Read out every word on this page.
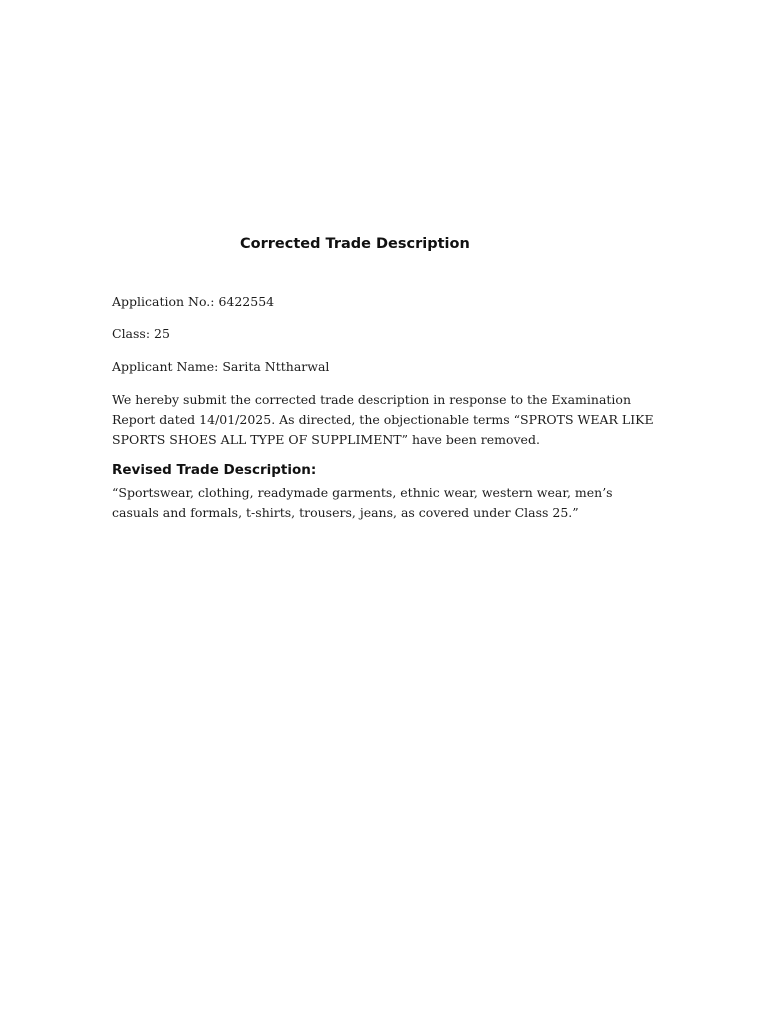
Corrected Trade Description
Application No.: 6422554
Class: 25
Applicant Name: Sarita Nttharwal
We hereby submit the corrected trade description in response to the Examination Report dated 14/01/2025. As directed, the objectionable terms “SPROTS WEAR LIKE SPORTS SHOES ALL TYPE OF SUPPLIMENT” have been removed.
Revised Trade Description:
“Sportswear, clothing, readymade garments, ethnic wear, western wear, men’s casuals and formals, t-shirts, trousers, jeans, as covered under Class 25.”
